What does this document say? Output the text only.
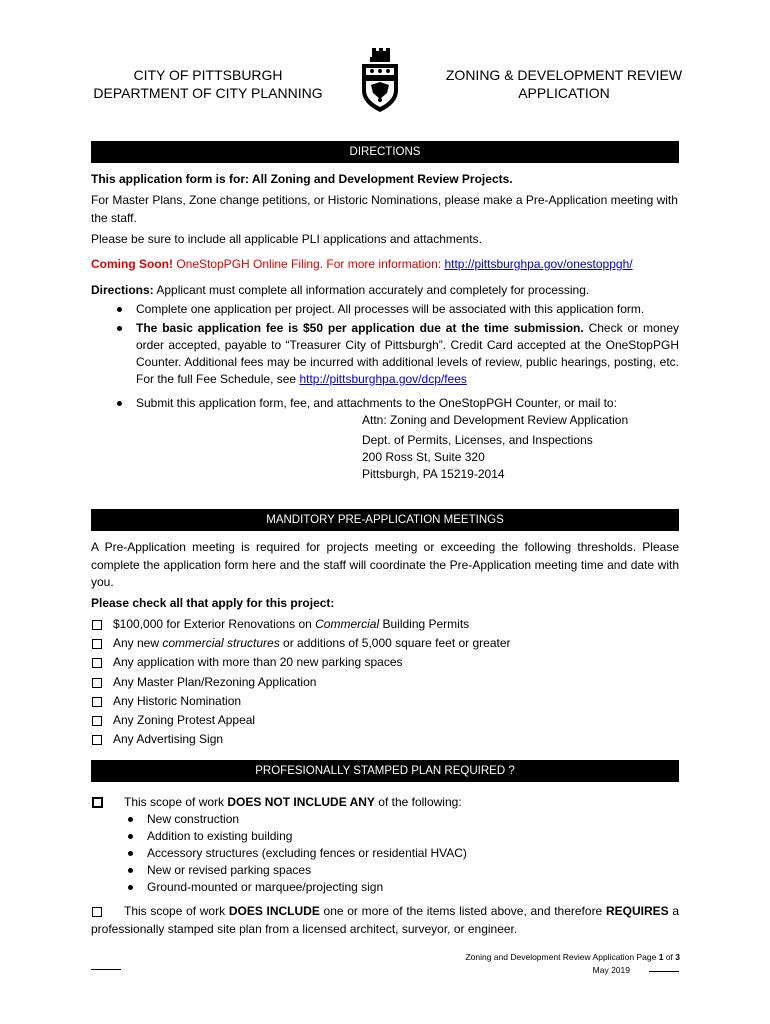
CITY OF PITTSBURGH
DEPARTMENT OF CITY PLANNING
ZONING & DEVELOPMENT REVIEW
APPLICATION
DIRECTIONS
This application form is for: All Zoning and Development Review Projects.
For Master Plans, Zone change petitions, or Historic Nominations, please make a Pre-Application meeting with the staff.
Please be sure to include all applicable PLI applications and attachments.
Coming Soon! OneStopPGH Online Filing. For more information: http://pittsburghpa.gov/onestoppgh/
Directions: Applicant must complete all information accurately and completely for processing.
Complete one application per project. All processes will be associated with this application form.
The basic application fee is $50 per application due at the time submission. Check or money order accepted, payable to “Treasurer City of Pittsburgh”. Credit Card accepted at the OneStopPGH Counter. Additional fees may be incurred with additional levels of review, public hearings, posting, etc. For the full Fee Schedule, see http://pittsburghpa.gov/dcp/fees
Submit this application form, fee, and attachments to the OneStopPGH Counter, or mail to:
Attn: Zoning and Development Review Application
Dept. of Permits, Licenses, and Inspections
200 Ross St, Suite 320
Pittsburgh, PA 15219-2014
MANDITORY PRE-APPLICATION MEETINGS
A Pre-Application meeting is required for projects meeting or exceeding the following thresholds. Please complete the application form here and the staff will coordinate the Pre-Application meeting time and date with you.
Please check all that apply for this project:
$100,000 for Exterior Renovations on Commercial Building Permits
Any new commercial structures or additions of 5,000 square feet or greater
Any application with more than 20 new parking spaces
Any Master Plan/Rezoning Application
Any Historic Nomination
Any Zoning Protest Appeal
Any Advertising Sign
PROFESIONALLY STAMPED PLAN REQUIRED ?
This scope of work DOES NOT INCLUDE ANY of the following:
New construction
Addition to existing building
Accessory structures (excluding fences or residential HVAC)
New or revised parking spaces
Ground-mounted or marquee/projecting sign
This scope of work DOES INCLUDE one or more of the items listed above, and therefore REQUIRES a professionally stamped site plan from a licensed architect, surveyor, or engineer.
Zoning and Development Review Application Page 1 of 3
May 2019
